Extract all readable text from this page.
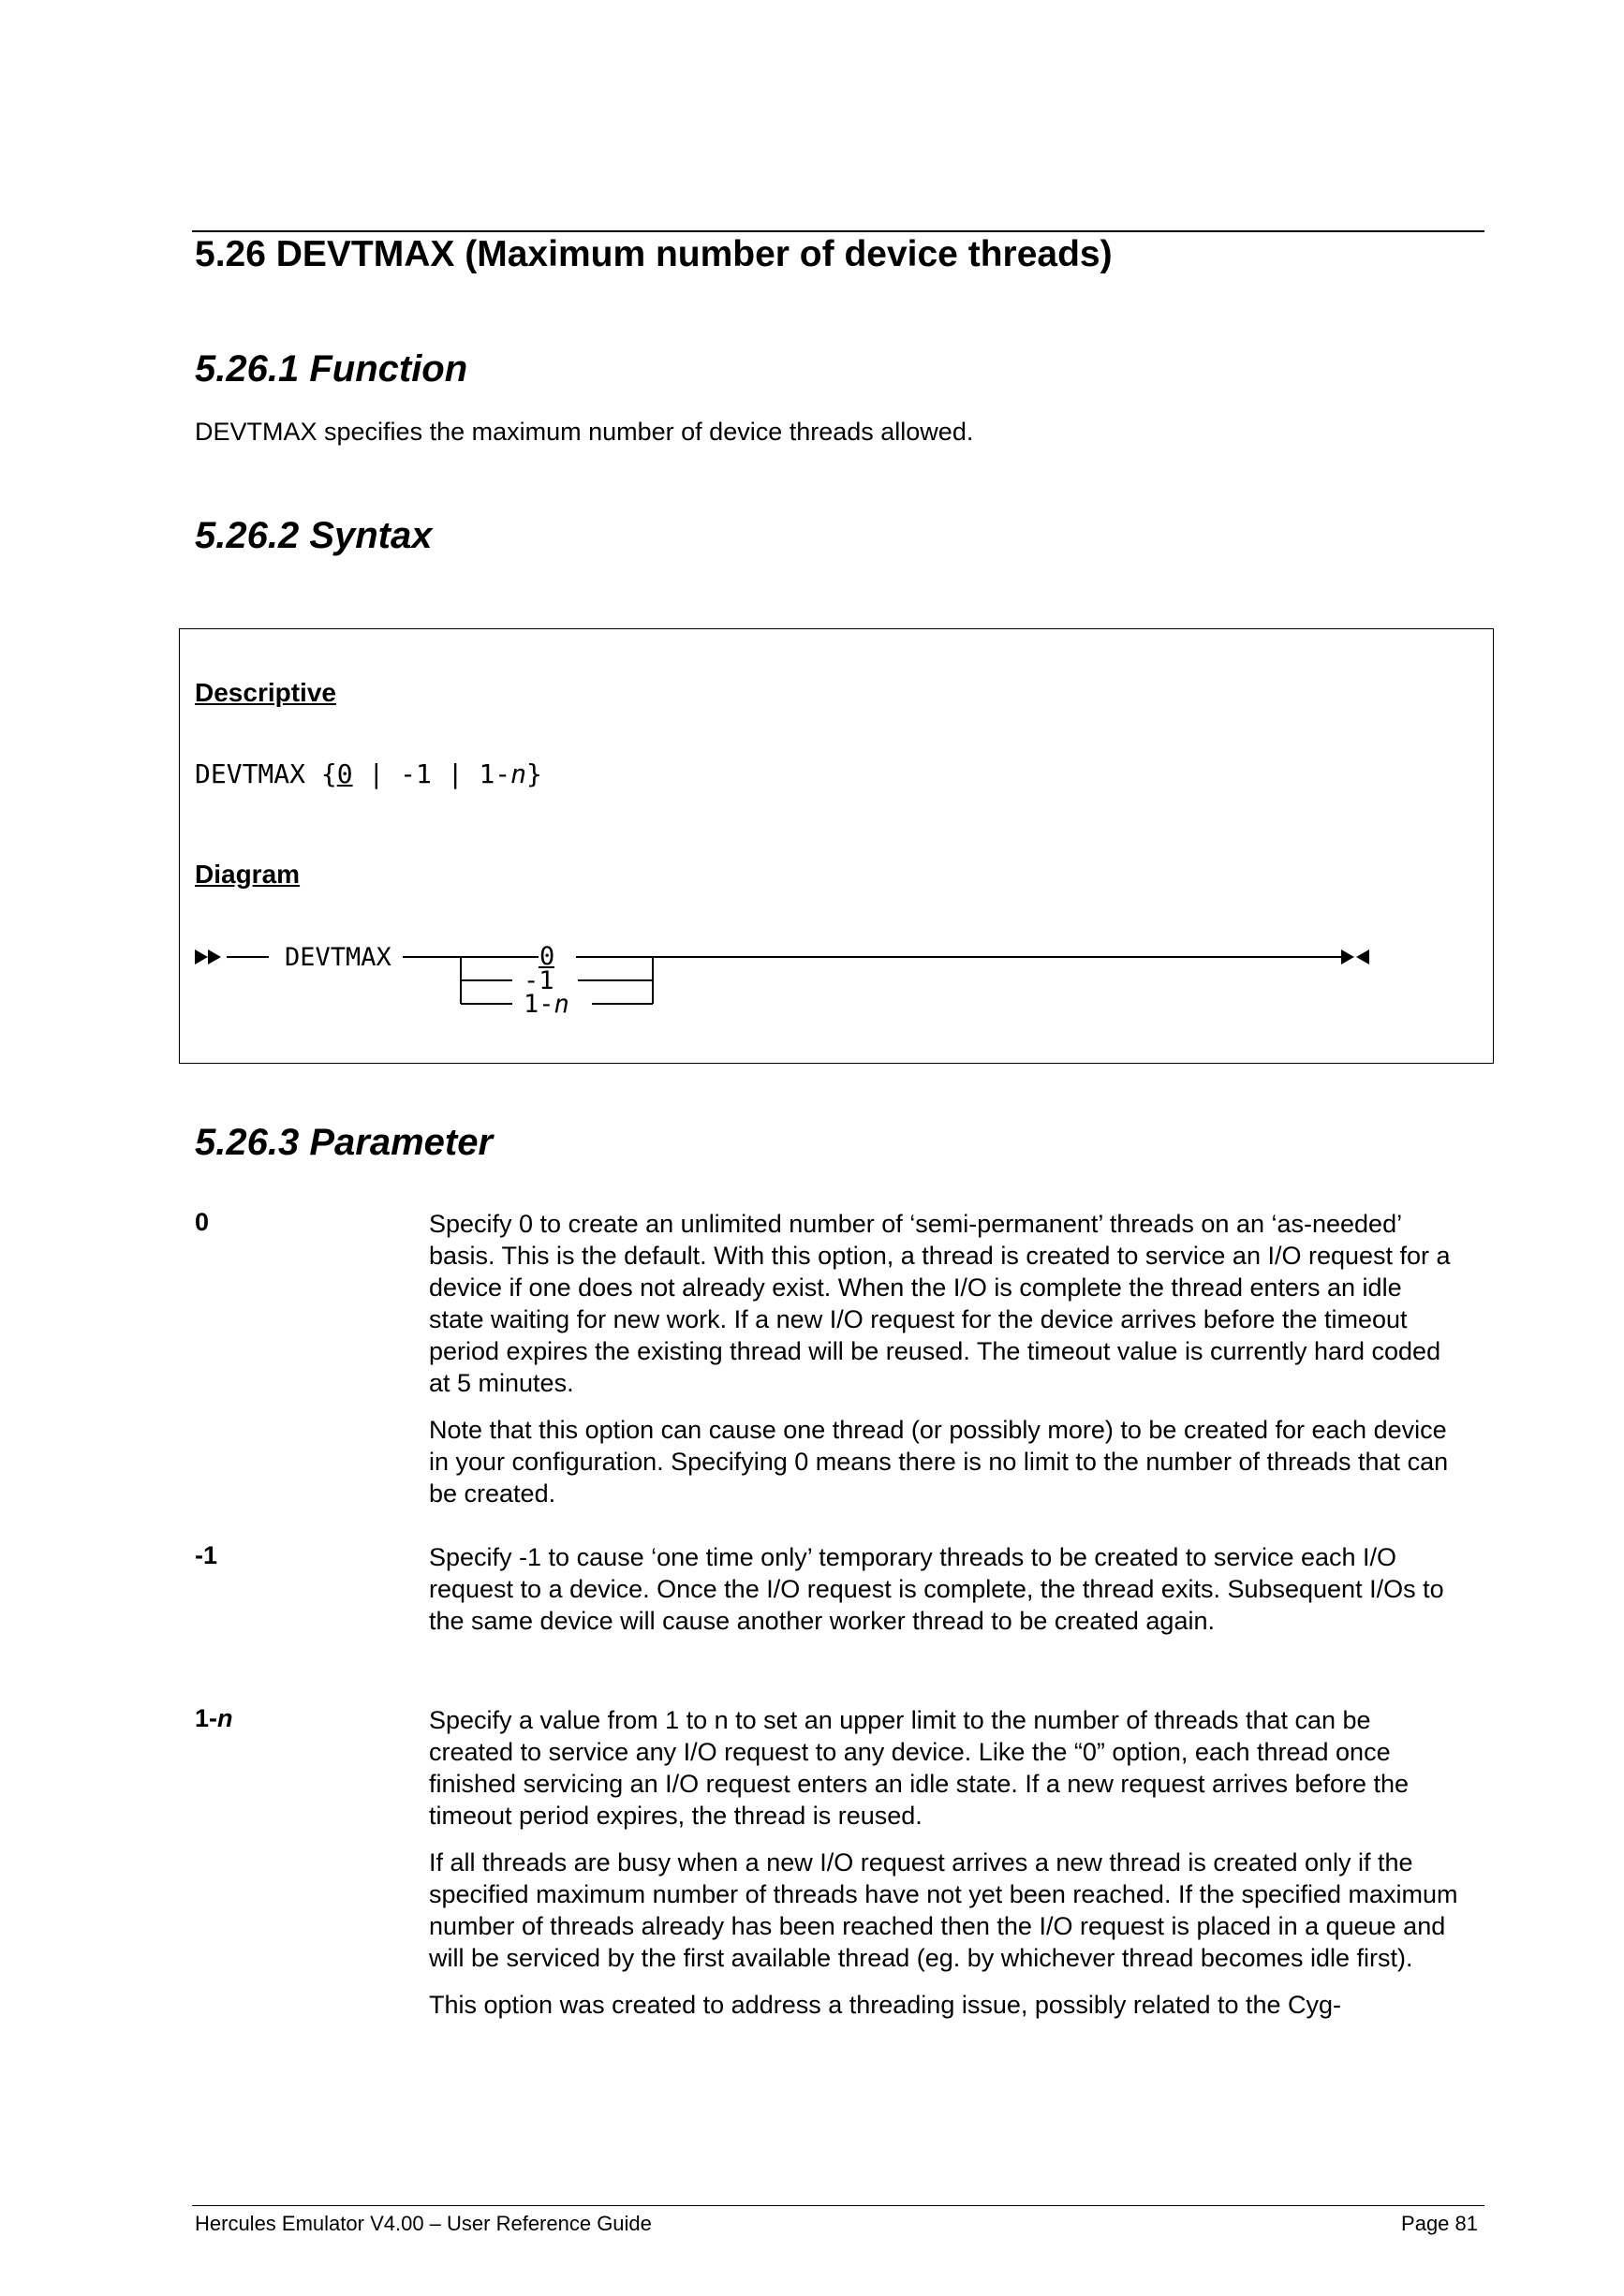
5.26 DEVTMAX (Maximum number of device threads)
5.26.1 Function
DEVTMAX specifies the maximum number of device threads allowed.
5.26.2 Syntax
Descriptive
DEVTMAX {0 | -1 | 1-n}
Diagram
DEVTMAX	0
-1
1-n
5.26.3 Parameter
0	Specify 0 to create an unlimited number of ‘semi-permanent’ threads on an ‘as-needed’ basis. This is the default. With this option, a thread is created to service an I/O request for a device if one does not already exist. When the I/O is complete the thread enters an idle state waiting for new work. If a new I/O request for the device arrives before the timeout period expires the existing thread will be reused. The timeout value is currently hard coded at 5 minutes.

Note that this option can cause one thread (or possibly more) to be created for each device in your configuration. Specifying 0 means there is no limit to the number of threads that can be created.

-1	Specify -1 to cause ‘one time only’ temporary threads to be created to service each I/O request to a device. Once the I/O request is complete, the thread exits. Subsequent I/Os to the same device will cause another worker thread to be created again.

1-n	Specify a value from 1 to n to set an upper limit to the number of threads that can be created to service any I/O request to any device. Like the “0” option, each thread once finished servicing an I/O request enters an idle state. If a new request arrives before the timeout period expires, the thread is reused.

If all threads are busy when a new I/O request arrives a new thread is created only if the specified maximum number of threads have not yet been reached. If the specified maximum number of threads already has been reached then the I/O request is placed in a queue and will be serviced by the first available thread (eg. by whichever thread becomes idle first).

This option was created to address a threading issue, possibly related to the Cyg-

Hercules Emulator V4.00 – User Reference Guide	Page 81
